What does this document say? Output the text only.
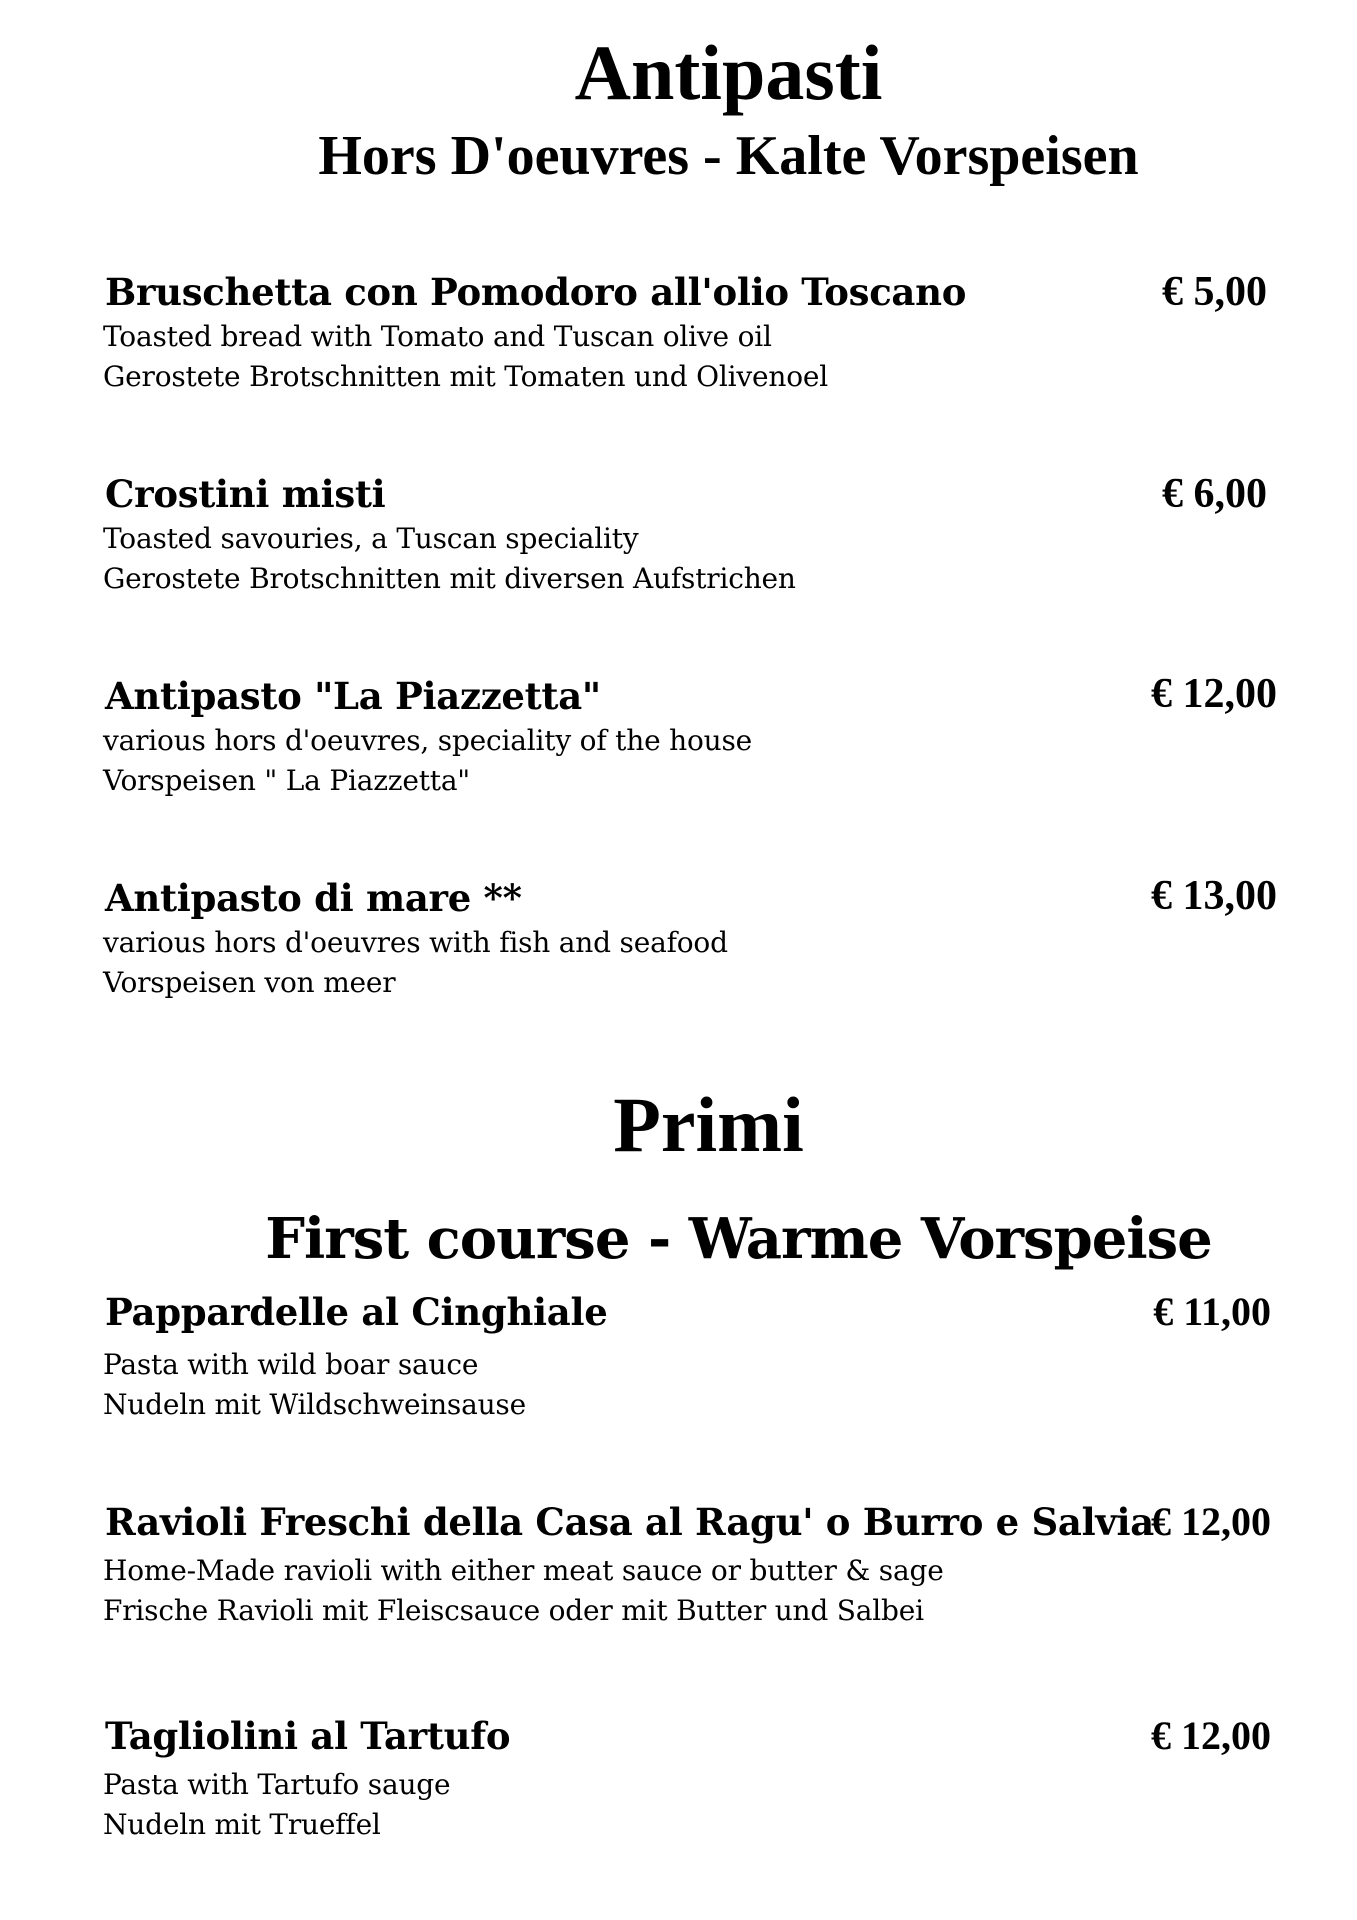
Antipasti
Hors D'oeuvres - Kalte Vorspeisen
Bruschetta con Pomodoro all'olio Toscano	€ 5,00
Toasted bread with Tomato and Tuscan olive oil
Gerostete Brotschnitten mit Tomaten und Olivenoel
Crostini misti	€ 6,00
Toasted savouries, a Tuscan speciality
Gerostete Brotschnitten mit diversen Aufstrichen
Antipasto "La Piazzetta"	€ 12,00
various hors d'oeuvres, speciality of the house
Vorspeisen " La Piazzetta"
Antipasto di mare **	€ 13,00
various hors d'oeuvres with fish and seafood
Vorspeisen von meer
Primi
First course - Warme Vorspeise
Pappardelle al Cinghiale	€ 11,00
Pasta with wild boar sauce
Nudeln mit Wildschweinsause
Ravioli Freschi della Casa al Ragu' o Burro e Salvia
€ 12,00
Home-Made ravioli with either meat sauce or butter & sage
Frische Ravioli mit Fleiscsauce oder mit Butter und Salbei
Tagliolini al Tartufo	€ 12,00
Pasta with Tartufo sauge
Nudeln mit Trueffel
